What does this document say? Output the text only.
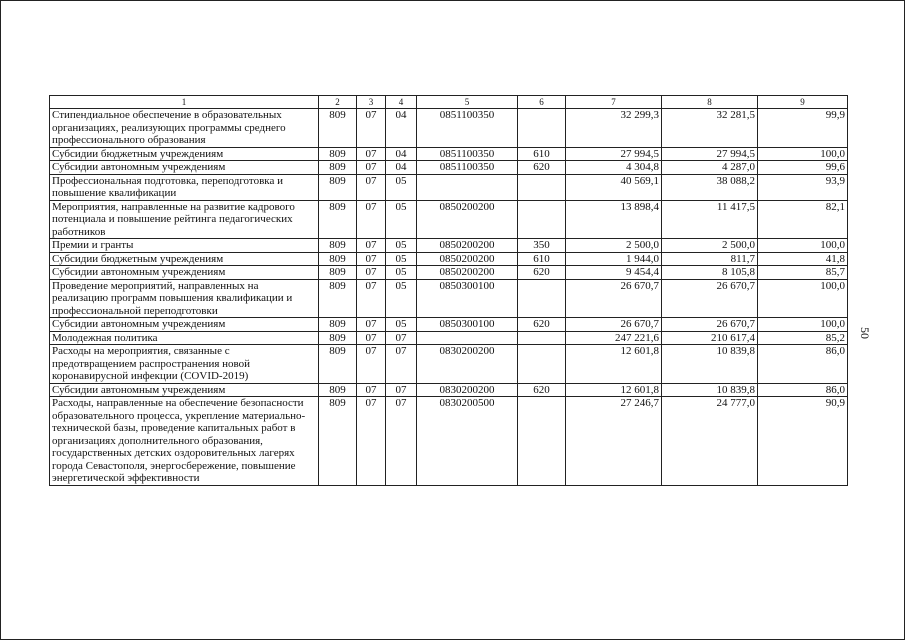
1	2	3	4	5	6	7	8	9
Стипендиальное обеспечение в образовательных организациях, реализующих программы среднего профессионального образования	809	07	04	0851100350		32 299,3	32 281,5	99,9
Субсидии бюджетным учреждениям	809	07	04	0851100350	610	27 994,5	27 994,5	100,0
Субсидии автономным учреждениям	809	07	04	0851100350	620	4 304,8	4 287,0	99,6
Профессиональная подготовка, переподготовка и повышение квалификации	809	07	05			40 569,1	38 088,2	93,9
Мероприятия, направленные на развитие кадрового потенциала и повышение рейтинга педагогических работников	809	07	05	0850200200		13 898,4	11 417,5	82,1
Премии и гранты	809	07	05	0850200200	350	2 500,0	2 500,0	100,0
Субсидии бюджетным учреждениям	809	07	05	0850200200	610	1 944,0	811,7	41,8
Субсидии автономным учреждениям	809	07	05	0850200200	620	9 454,4	8 105,8	85,7
Проведение мероприятий, направленных на реализацию программ повышения квалификации и профессиональной переподготовки	809	07	05	0850300100		26 670,7	26 670,7	100,0
Субсидии автономным учреждениям	809	07	05	0850300100	620	26 670,7	26 670,7	100,0
Молодежная политика	809	07	07			247 221,6	210 617,4	85,2
Расходы на мероприятия, связанные с предотвращением распространения новой коронавирусной инфекции (COVID-2019)	809	07	07	0830200200		12 601,8	10 839,8	86,0
Субсидии автономным учреждениям	809	07	07	0830200200	620	12 601,8	10 839,8	86,0
Расходы, направленные на обеспечение безопасности образовательного процесса, укрепление материально-технической базы, проведение капитальных работ в организациях дополнительного образования, государственных детских оздоровительных лагерях города Севастополя, энергосбережение, повышение энергетической эффективности	809	07	07	0830200500		27 246,7	24 777,0	90,9
50
